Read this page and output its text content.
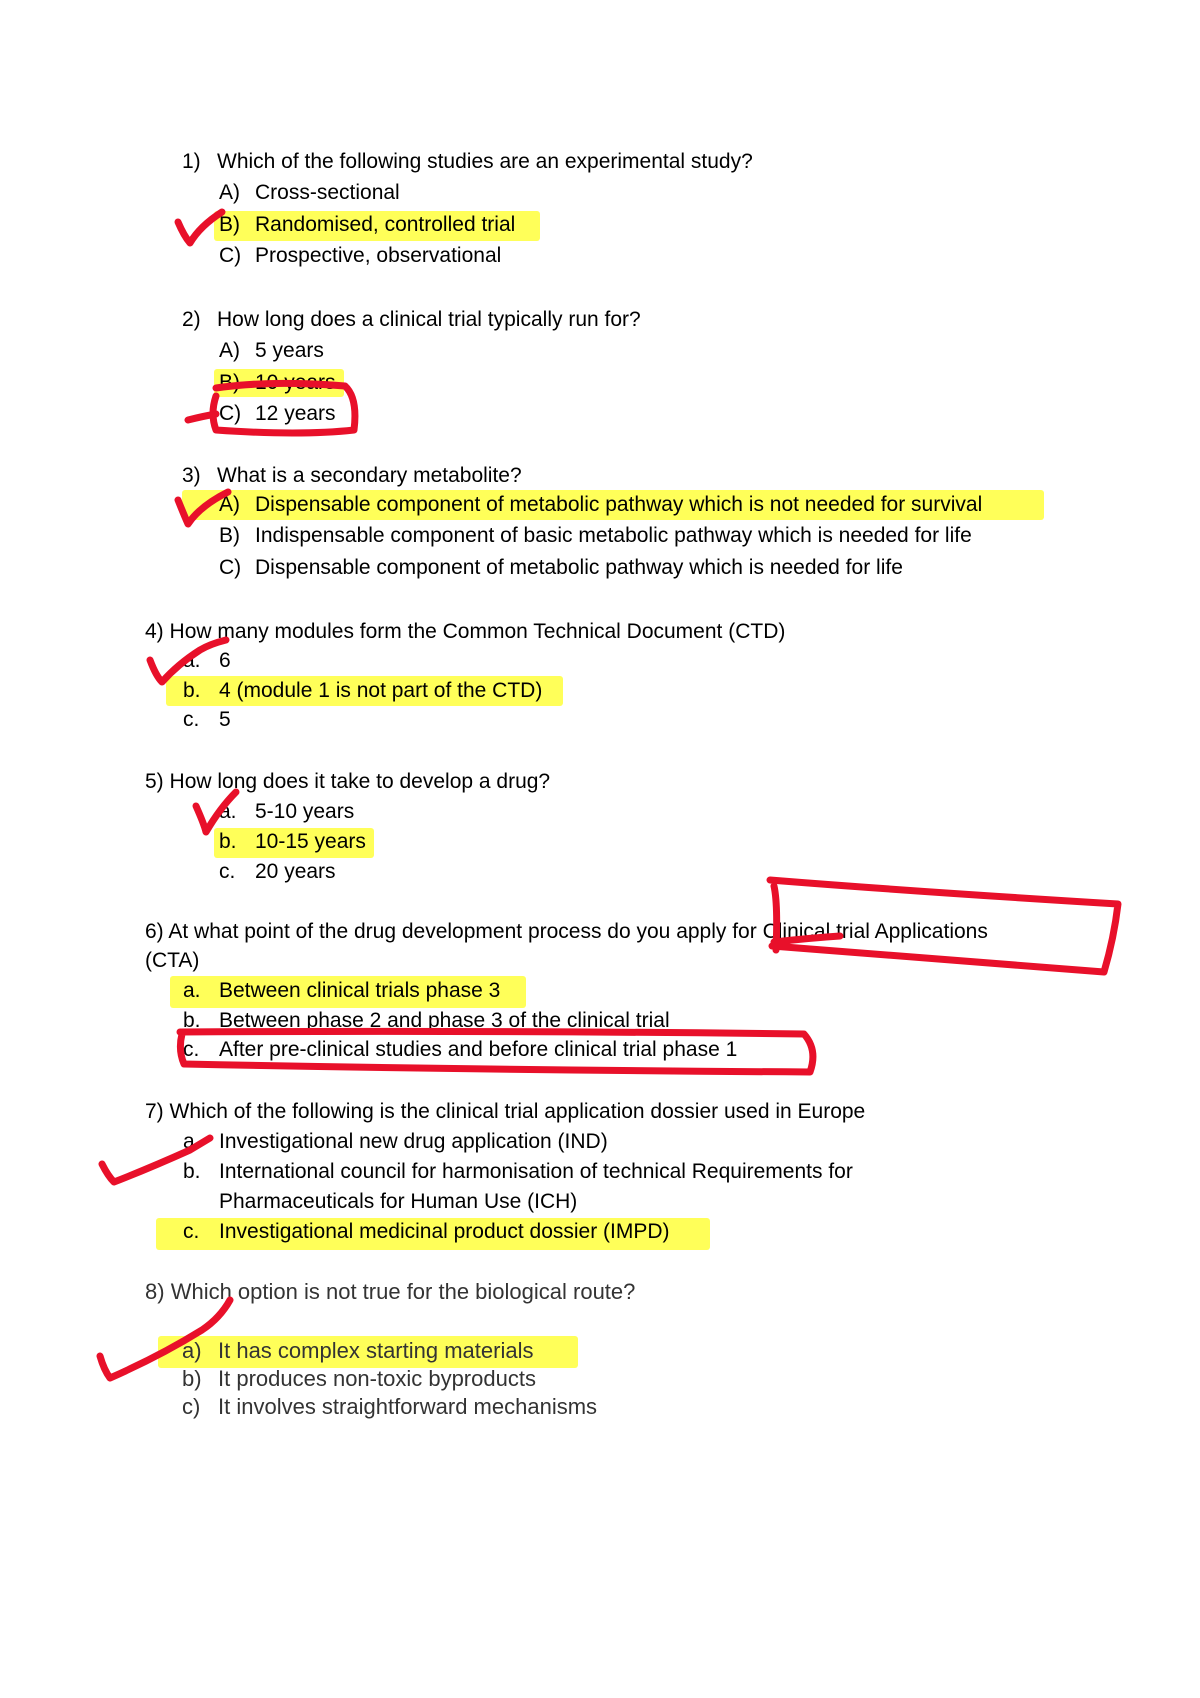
1) Which of the following studies are an experimental study?
A) Cross-sectional
B) Randomised, controlled trial
C) Prospective, observational
2) How long does a clinical trial typically run for?
A) 5 years
B) 10 years
C) 12 years
3) What is a secondary metabolite?
A) Dispensable component of metabolic pathway which is not needed for survival
B) Indispensable component of basic metabolic pathway which is needed for life
C) Dispensable component of metabolic pathway which is needed for life
4) How many modules form the Common Technical Document (CTD)
a. 6
b. 4 (module 1 is not part of the CTD)
c. 5
5) How long does it take to develop a drug?
a. 5-10 years
b. 10-15 years
c. 20 years
6) At what point of the drug development process do you apply for Clinical trial Applications
(CTA)
a. Between clinical trials phase 3
b. Between phase 2 and phase 3 of the clinical trial
c. After pre-clinical studies and before clinical trial phase 1
7) Which of the following is the clinical trial application dossier used in Europe
a. Investigational new drug application (IND)
b. International council for harmonisation of technical Requirements for
Pharmaceuticals for Human Use (ICH)
c. Investigational medicinal product dossier (IMPD)
8) Which option is not true for the biological route?
a) It has complex starting materials
b) It produces non-toxic byproducts
c) It involves straightforward mechanisms
